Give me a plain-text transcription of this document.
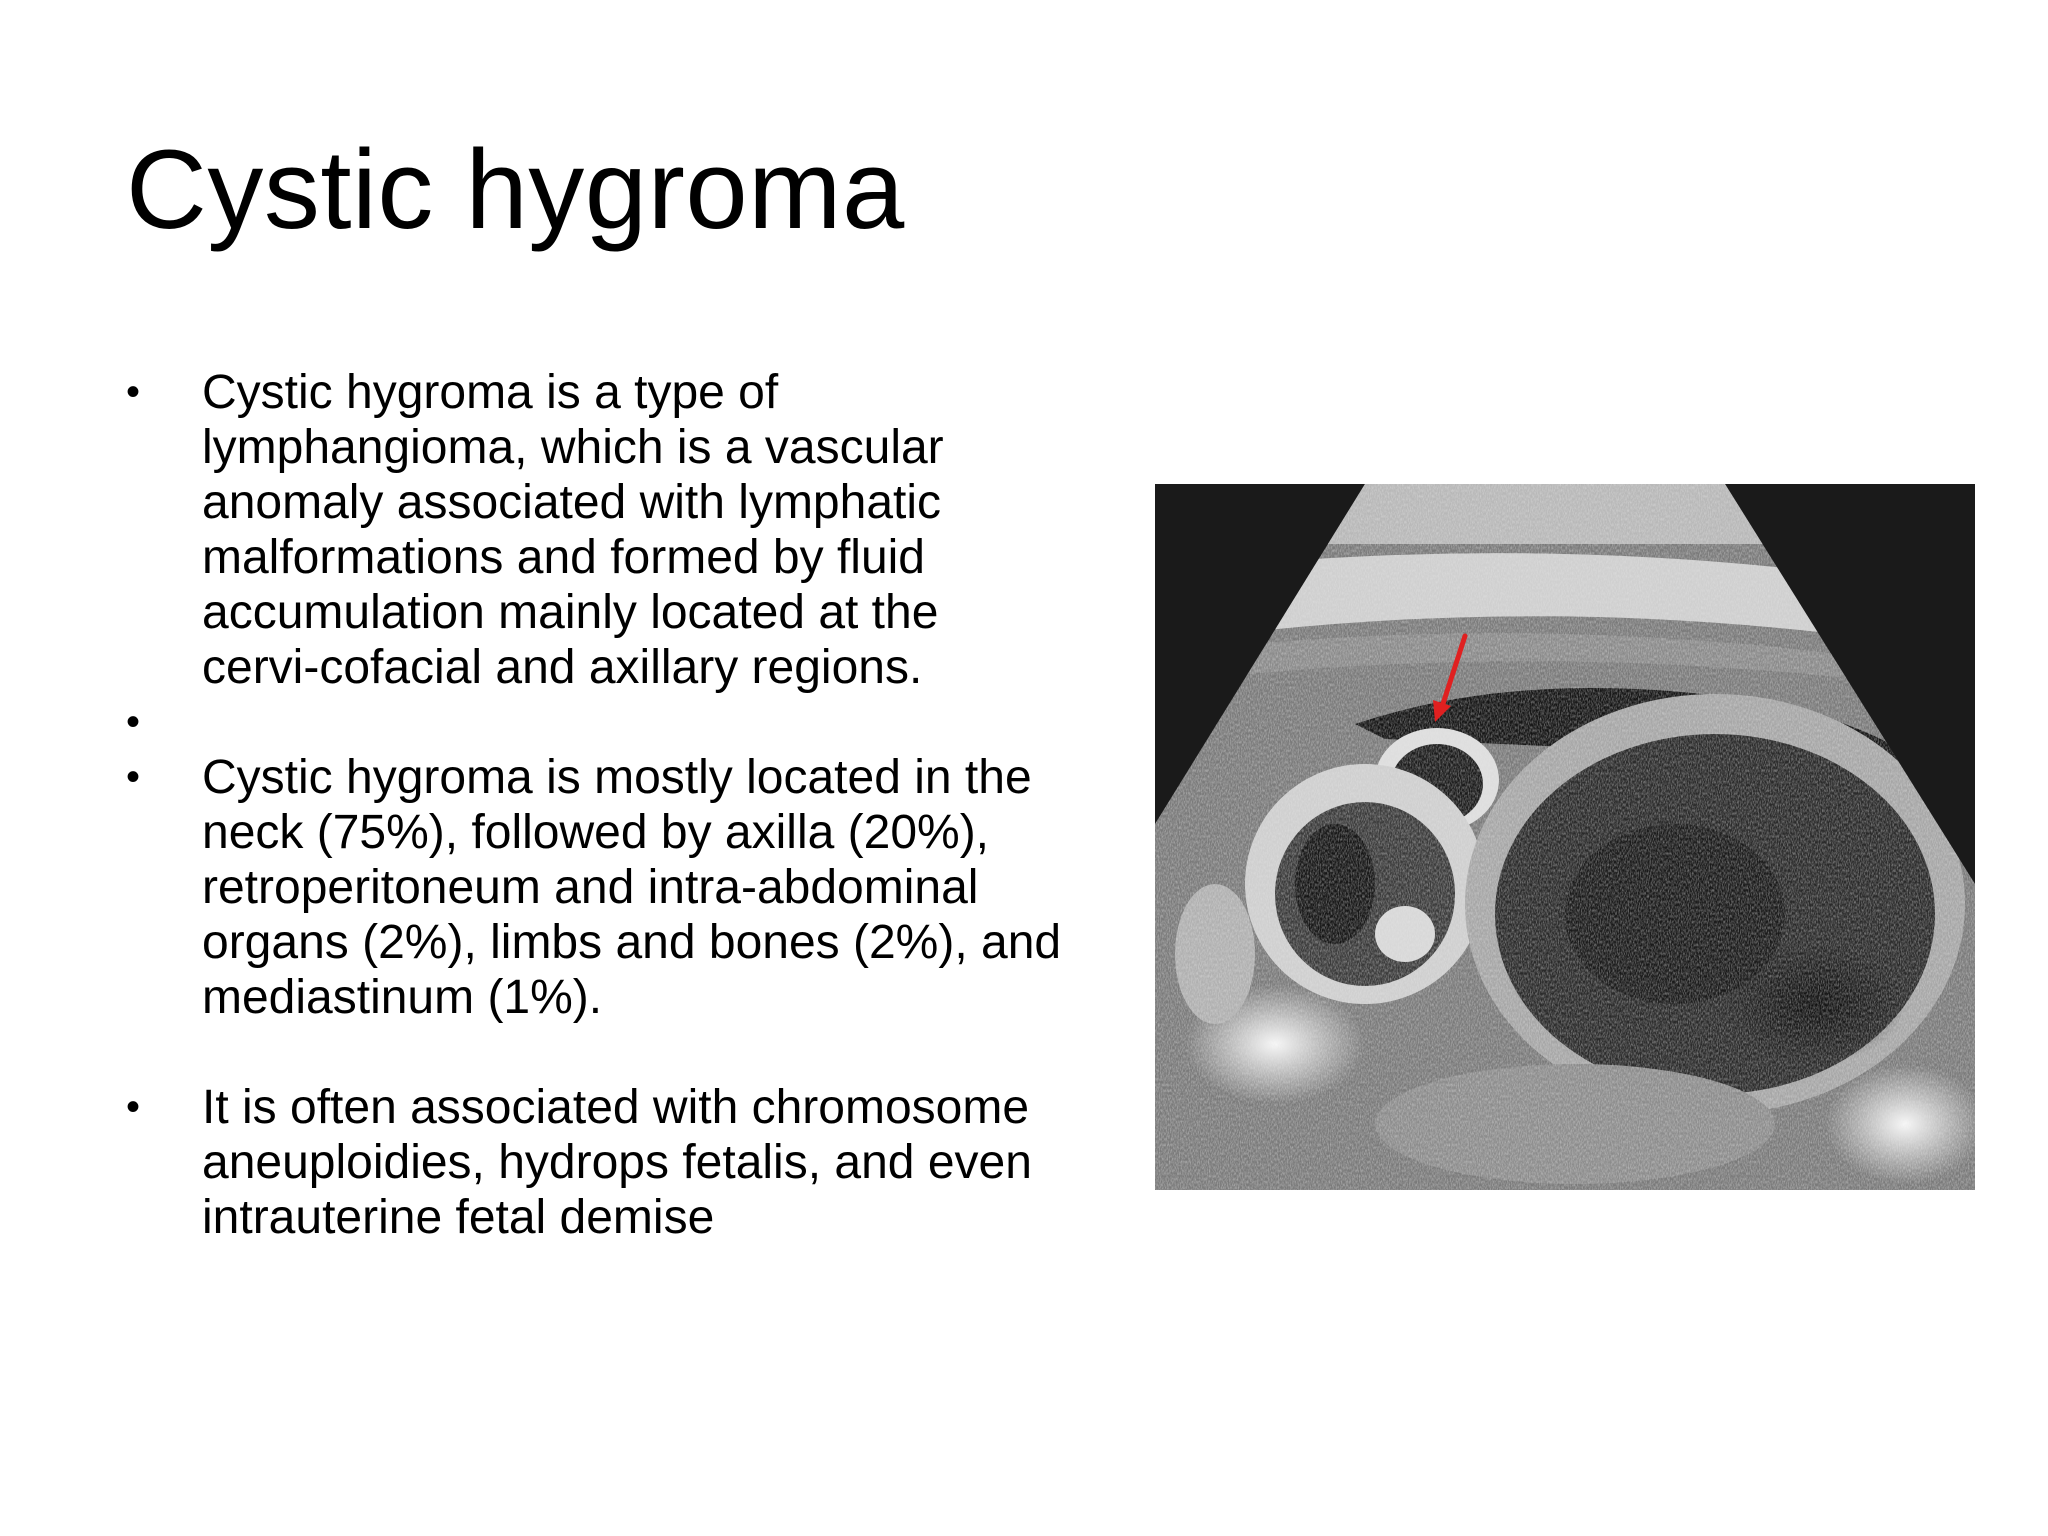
Cystic hygroma
•	Cystic hygroma is a type of
lymphangioma, which is a vascular
anomaly associated with lymphatic
malformations and formed by fluid
accumulation mainly located at the
cervi-cofacial and axillary regions.
•
•	Cystic hygroma is mostly located in the
neck (75%), followed by axilla (20%),
retroperitoneum and intra-abdominal
organs (2%), limbs and bones (2%), and
mediastinum (1%).
•	It is often associated with chromosome
aneuploidies, hydrops fetalis, and even
intrauterine fetal demise
